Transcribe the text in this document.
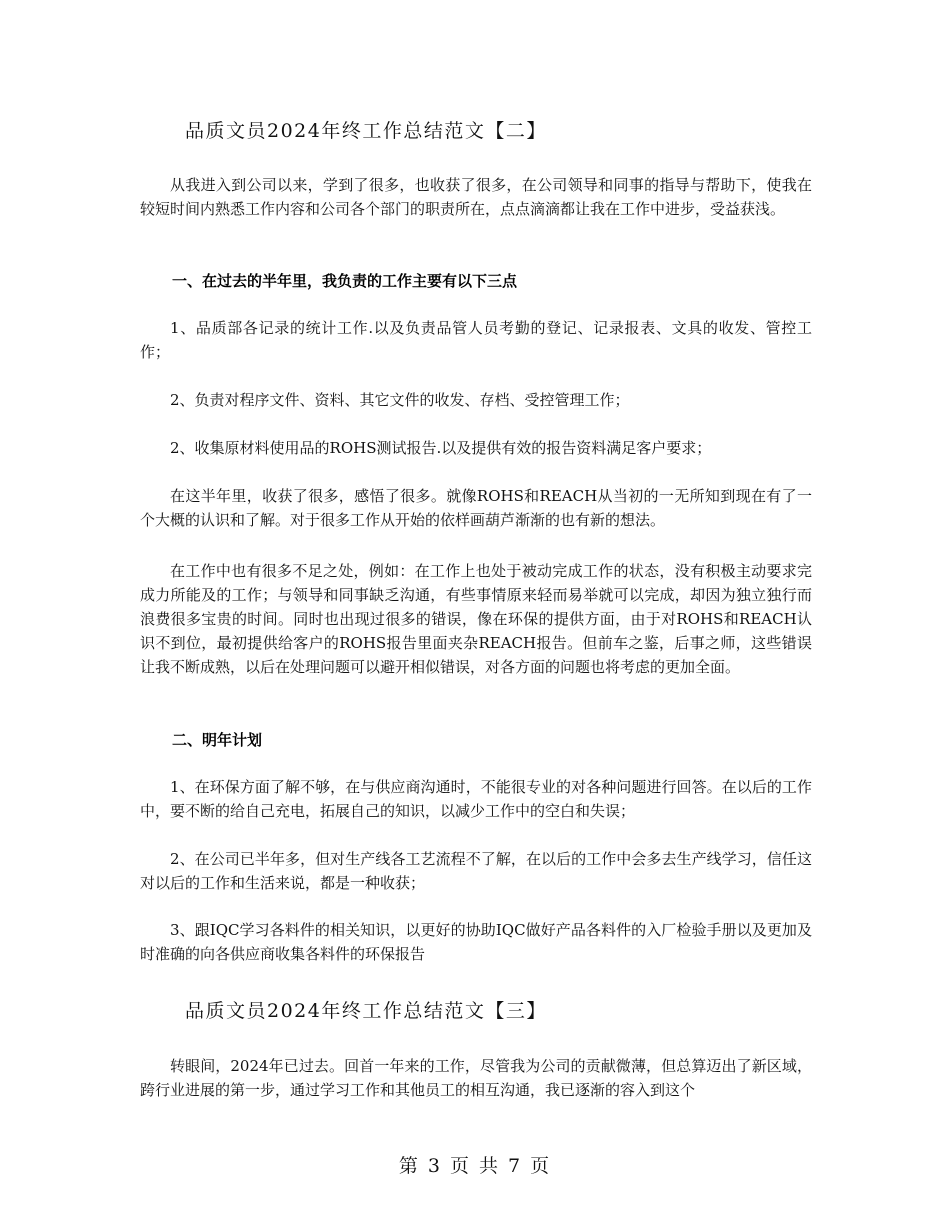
品质文员2024年终工作总结范文【二】
从我进入到公司以来，学到了很多，也收获了很多，在公司领导和同事的指导与帮助下，使我在较短时间内熟悉工作内容和公司各个部门的职责所在，点点滴滴都让我在工作中进步，受益获浅。
一、在过去的半年里，我负责的工作主要有以下三点
1、品质部各记录的统计工作.以及负责品管人员考勤的登记、记录报表、文具的收发、管控工作；
2、负责对程序文件、资料、其它文件的收发、存档、受控管理工作；
2、收集原材料使用品的ROHS测试报告.以及提供有效的报告资料满足客户要求；
在这半年里，收获了很多，感悟了很多。就像ROHS和REACH从当初的一无所知到现在有了一个大概的认识和了解。对于很多工作从开始的依样画葫芦渐渐的也有新的想法。
在工作中也有很多不足之处，例如：在工作上也处于被动完成工作的状态，没有积极主动要求完成力所能及的工作；与领导和同事缺乏沟通，有些事情原来轻而易举就可以完成，却因为独立独行而浪费很多宝贵的时间。同时也出现过很多的错误，像在环保的提供方面，由于对ROHS和REACH认识不到位，最初提供给客户的ROHS报告里面夹杂REACH报告。但前车之鉴，后事之师，这些错误让我不断成熟，以后在处理问题可以避开相似错误，对各方面的问题也将考虑的更加全面。
二、明年计划
1、在环保方面了解不够，在与供应商沟通时，不能很专业的对各种问题进行回答。在以后的工作中，要不断的给自己充电，拓展自己的知识，以减少工作中的空白和失误；
2、在公司已半年多，但对生产线各工艺流程不了解，在以后的工作中会多去生产线学习，信任这对以后的工作和生活来说，都是一种收获；
3、跟IQC学习各料件的相关知识，以更好的协助IQC做好产品各料件的入厂检验手册以及更加及时准确的向各供应商收集各料件的环保报告
品质文员2024年终工作总结范文【三】
转眼间，2024年已过去。回首一年来的工作，尽管我为公司的贡献微薄，但总算迈出了新区域，跨行业进展的第一步，通过学习工作和其他员工的相互沟通，我已逐渐的容入到这个
第 3 页 共 7 页
